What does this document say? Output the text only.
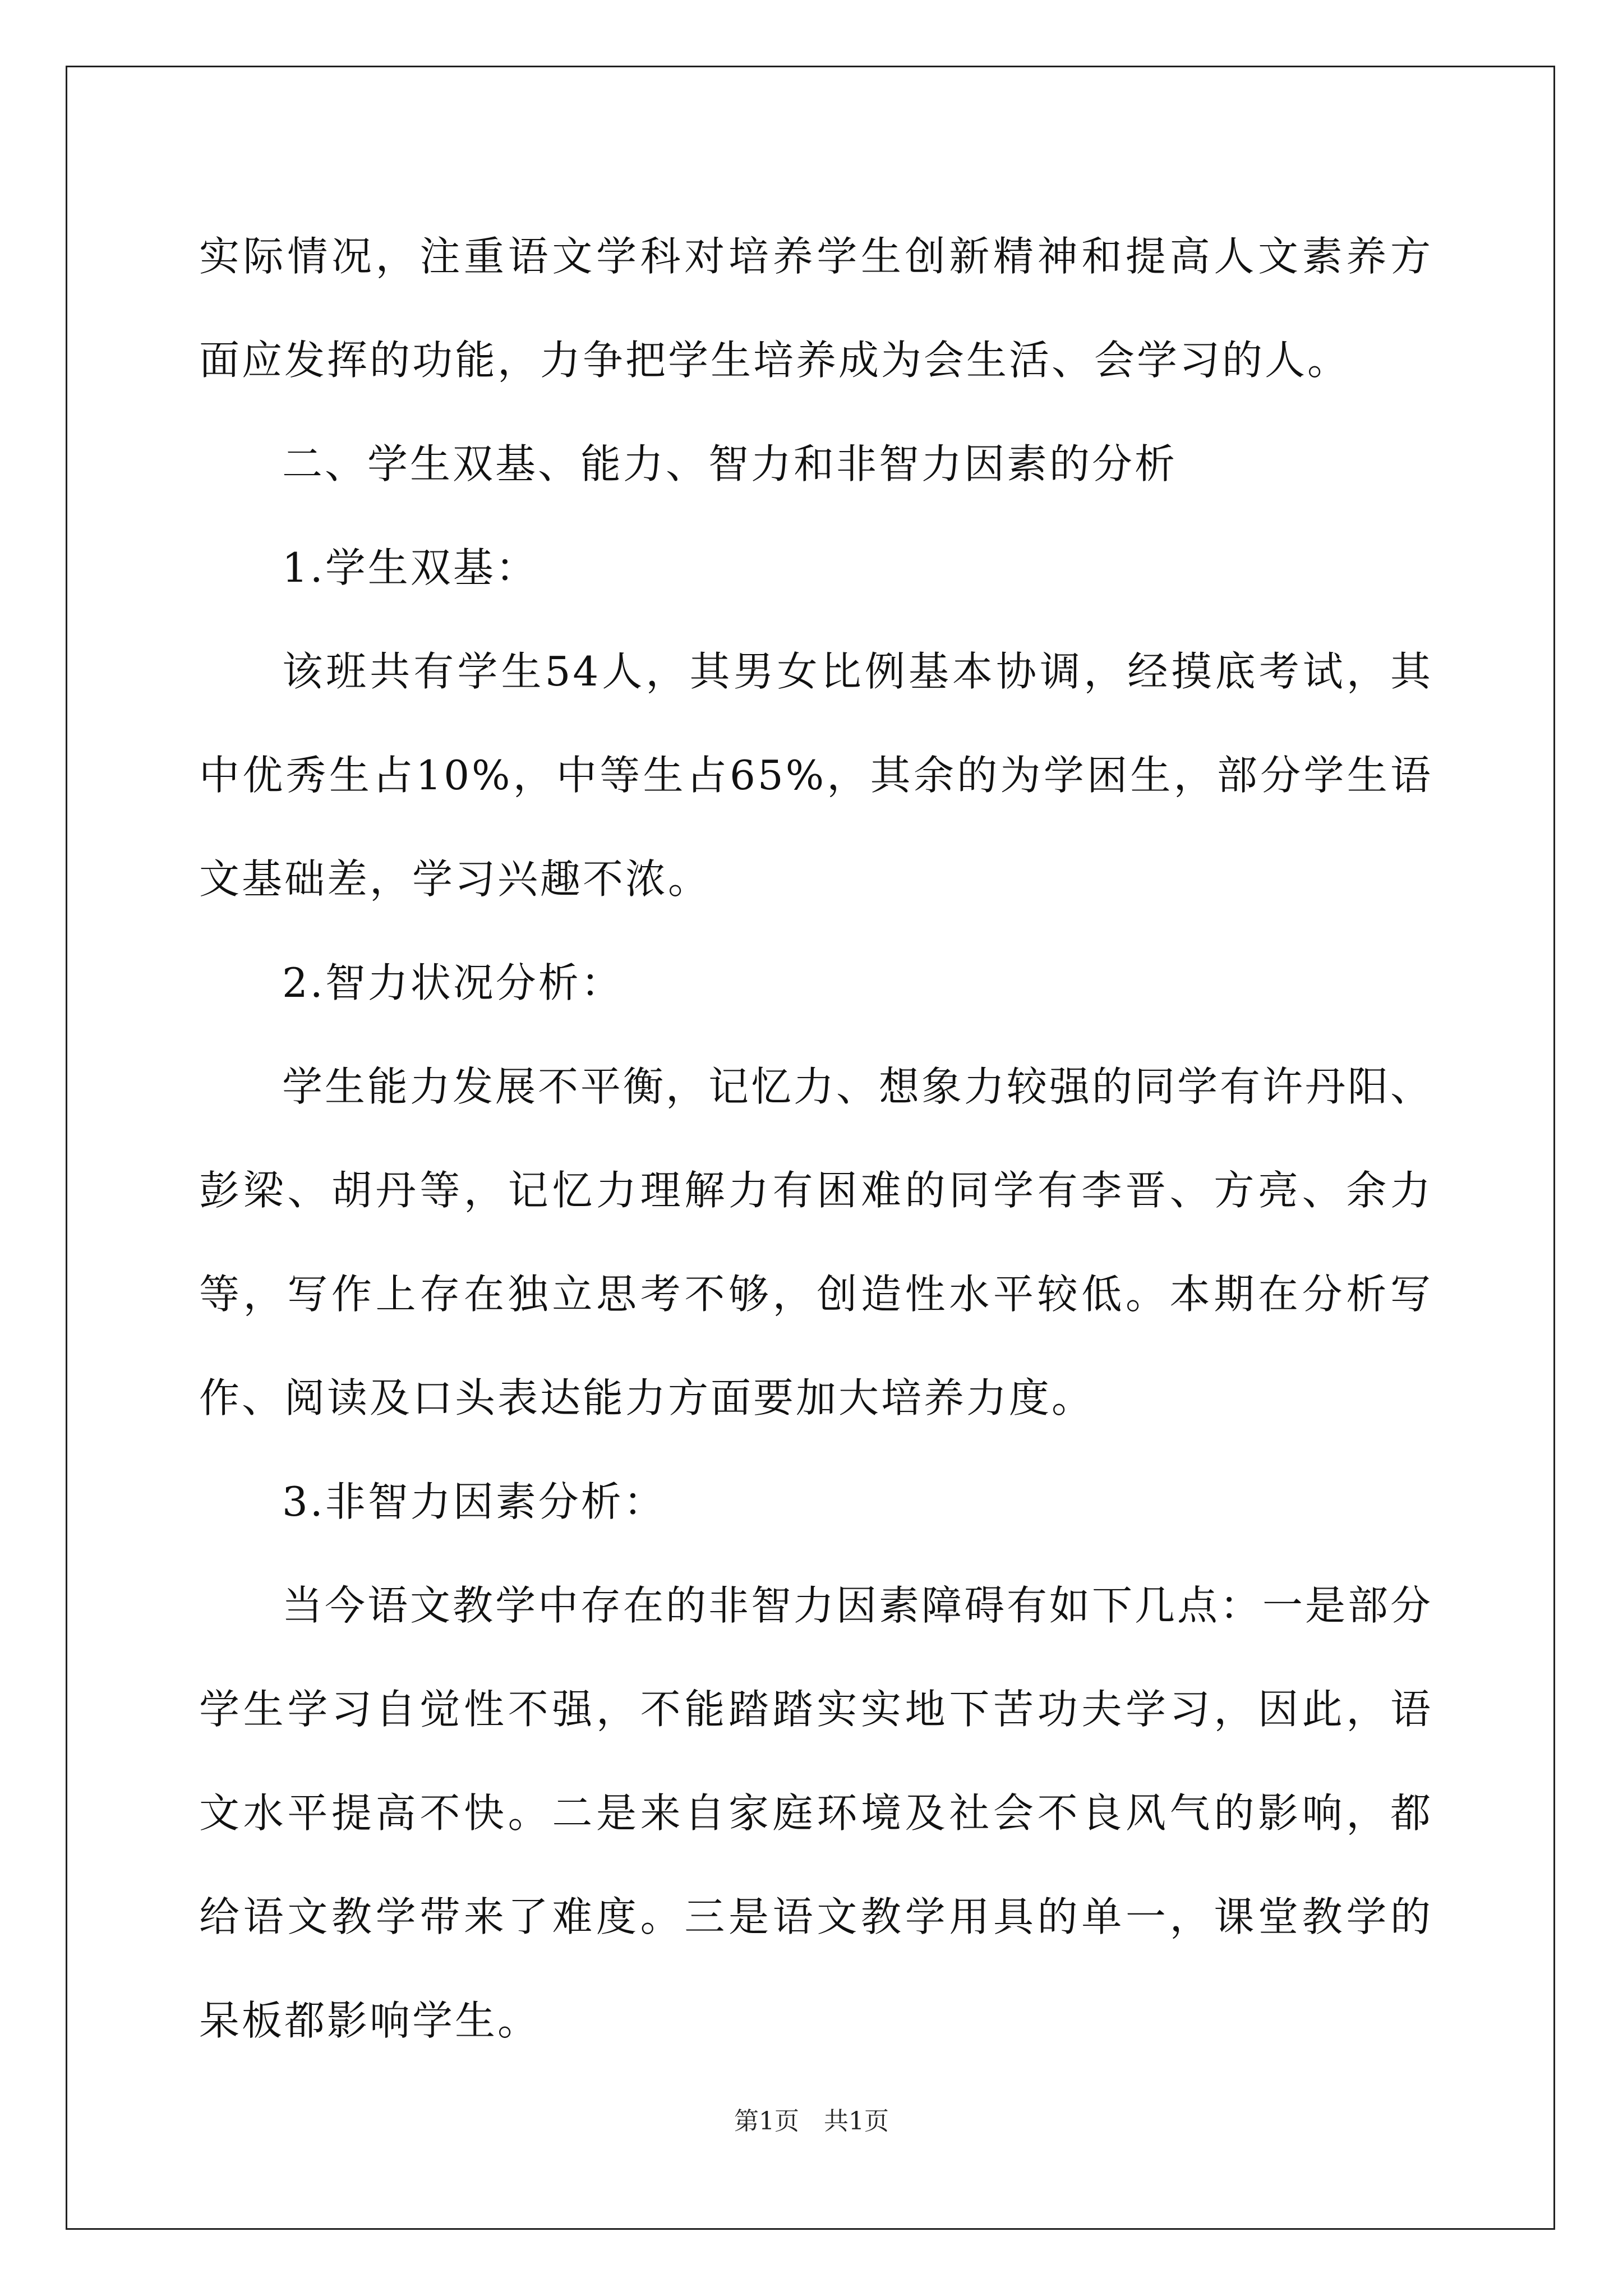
实际情况，注重语文学科对培养学生创新精神和提高人文素养方面应发挥的功能，力争把学生培养成为会生活、会学习的人。

二、学生双基、能力、智力和非智力因素的分析

1.学生双基：

该班共有学生54人，其男女比例基本协调，经摸底考试，其中优秀生占10%，中等生占65%，其余的为学困生，部分学生语文基础差，学习兴趣不浓。

2.智力状况分析：

学生能力发展不平衡，记忆力、想象力较强的同学有许丹阳、彭梁、胡丹等，记忆力理解力有困难的同学有李晋、方亮、余力等，写作上存在独立思考不够，创造性水平较低。本期在分析写作、阅读及口头表达能力方面要加大培养力度。

3.非智力因素分析：

当今语文教学中存在的非智力因素障碍有如下几点：一是部分学生学习自觉性不强，不能踏踏实实地下苦功夫学习，因此，语文水平提高不快。二是来自家庭环境及社会不良风气的影响，都给语文教学带来了难度。三是语文教学用具的单一，课堂教学的呆板都影响学生。

第1页　共1页
